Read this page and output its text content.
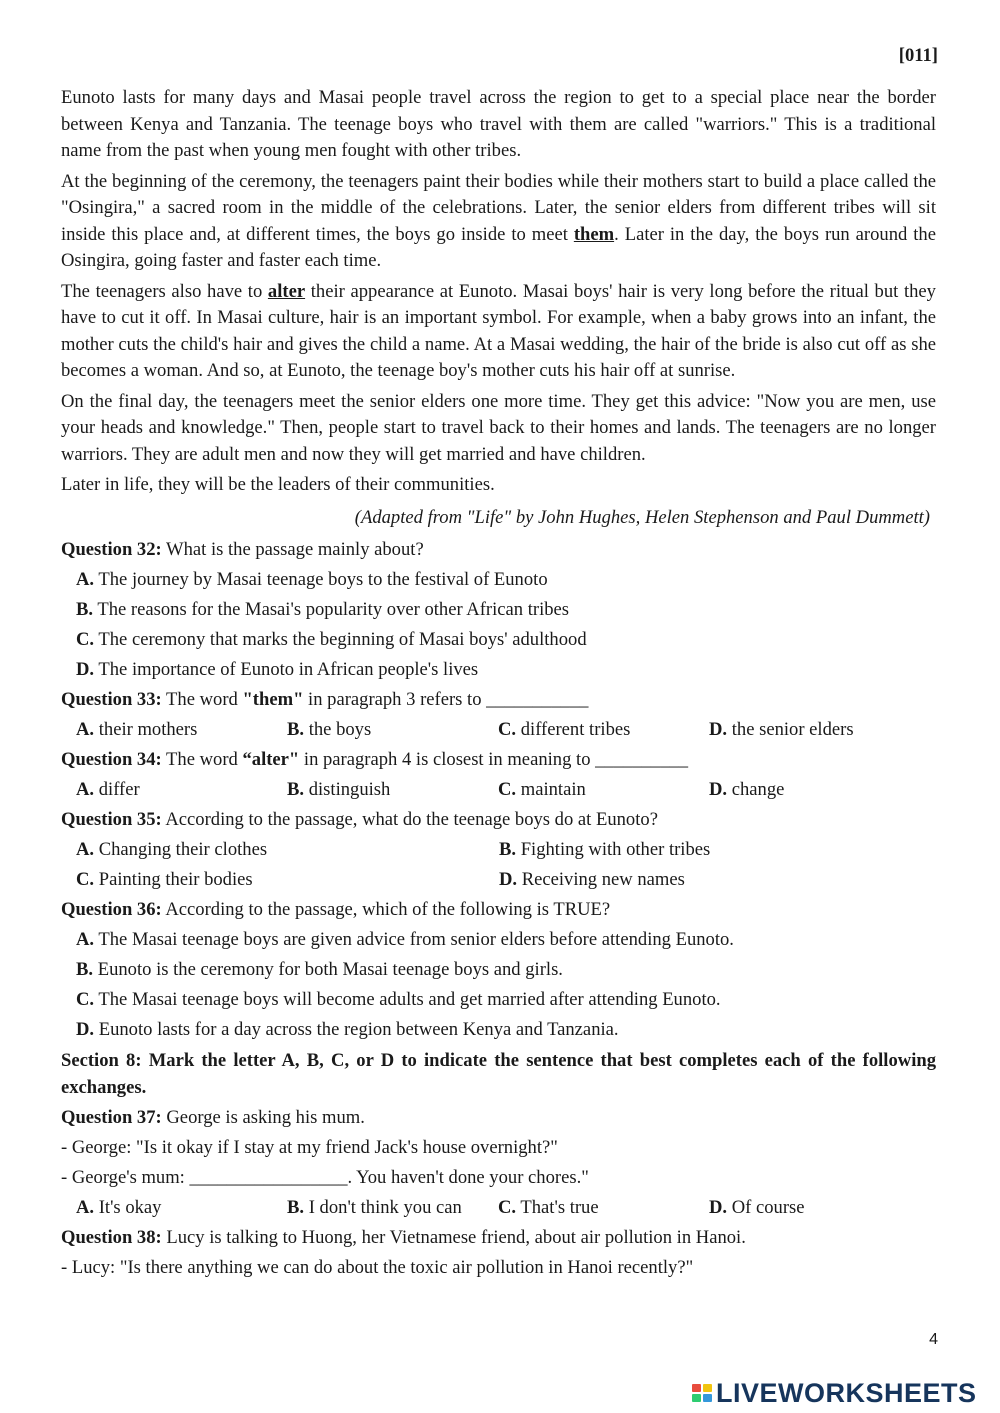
[011]

Eunoto lasts for many days and Masai people travel across the region to get to a special place near the border between Kenya and Tanzania. The teenage boys who travel with them are called "warriors." This is a traditional name from the past when young men fought with other tribes.

At the beginning of the ceremony, the teenagers paint their bodies while their mothers start to build a place called the "Osingira," a sacred room in the middle of the celebrations. Later, the senior elders from different tribes will sit inside this place and, at different times, the boys go inside to meet them. Later in the day, the boys run around the Osingira, going faster and faster each time.

The teenagers also have to alter their appearance at Eunoto. Masai boys' hair is very long before the ritual but they have to cut it off. In Masai culture, hair is an important symbol. For example, when a baby grows into an infant, the mother cuts the child's hair and gives the child a name. At a Masai wedding, the hair of the bride is also cut off as she becomes a woman. And so, at Eunoto, the teenage boy's mother cuts his hair off at sunrise.

On the final day, the teenagers meet the senior elders one more time. They get this advice: "Now you are men, use your heads and knowledge." Then, people start to travel back to their homes and lands. The teenagers are no longer warriors. They are adult men and now they will get married and have children.

Later in life, they will be the leaders of their communities.

(Adapted from "Life" by John Hughes, Helen Stephenson and Paul Dummett)

Question 32: What is the passage mainly about?

A. The journey by Masai teenage boys to the festival of Eunoto

B. The reasons for the Masai's popularity over other African tribes

C. The ceremony that marks the beginning of Masai boys' adulthood

D. The importance of Eunoto in African people's lives

Question 33: The word "them" in paragraph 3 refers to ___________

A. their mothers	B. the boys	C. different tribes	D. the senior elders

Question 34: The word “alter" in paragraph 4 is closest in meaning to __________

A. differ	B. distinguish	C. maintain	D. change

Question 35: According to the passage, what do the teenage boys do at Eunoto?

A. Changing their clothes	B. Fighting with other tribes
C. Painting their bodies	D. Receiving new names

Question 36: According to the passage, which of the following is TRUE?

A. The Masai teenage boys are given advice from senior elders before attending Eunoto.

B. Eunoto is the ceremony for both Masai teenage boys and girls.

C. The Masai teenage boys will become adults and get married after attending Eunoto.

D. Eunoto lasts for a day across the region between Kenya and Tanzania.

Section 8: Mark the letter A, B, C, or D to indicate the sentence that best completes each of the following exchanges.

Question 37: George is asking his mum.

- George: "Is it okay if I stay at my friend Jack's house overnight?"

- George's mum: _________________. You haven't done your chores."

A. It's okay	B. I don't think you can	C. That's true	D. Of course

Question 38: Lucy is talking to Huong, her Vietnamese friend, about air pollution in Hanoi.

- Lucy: "Is there anything we can do about the toxic air pollution in Hanoi recently?"

4
LIVEWORKSHEETS
